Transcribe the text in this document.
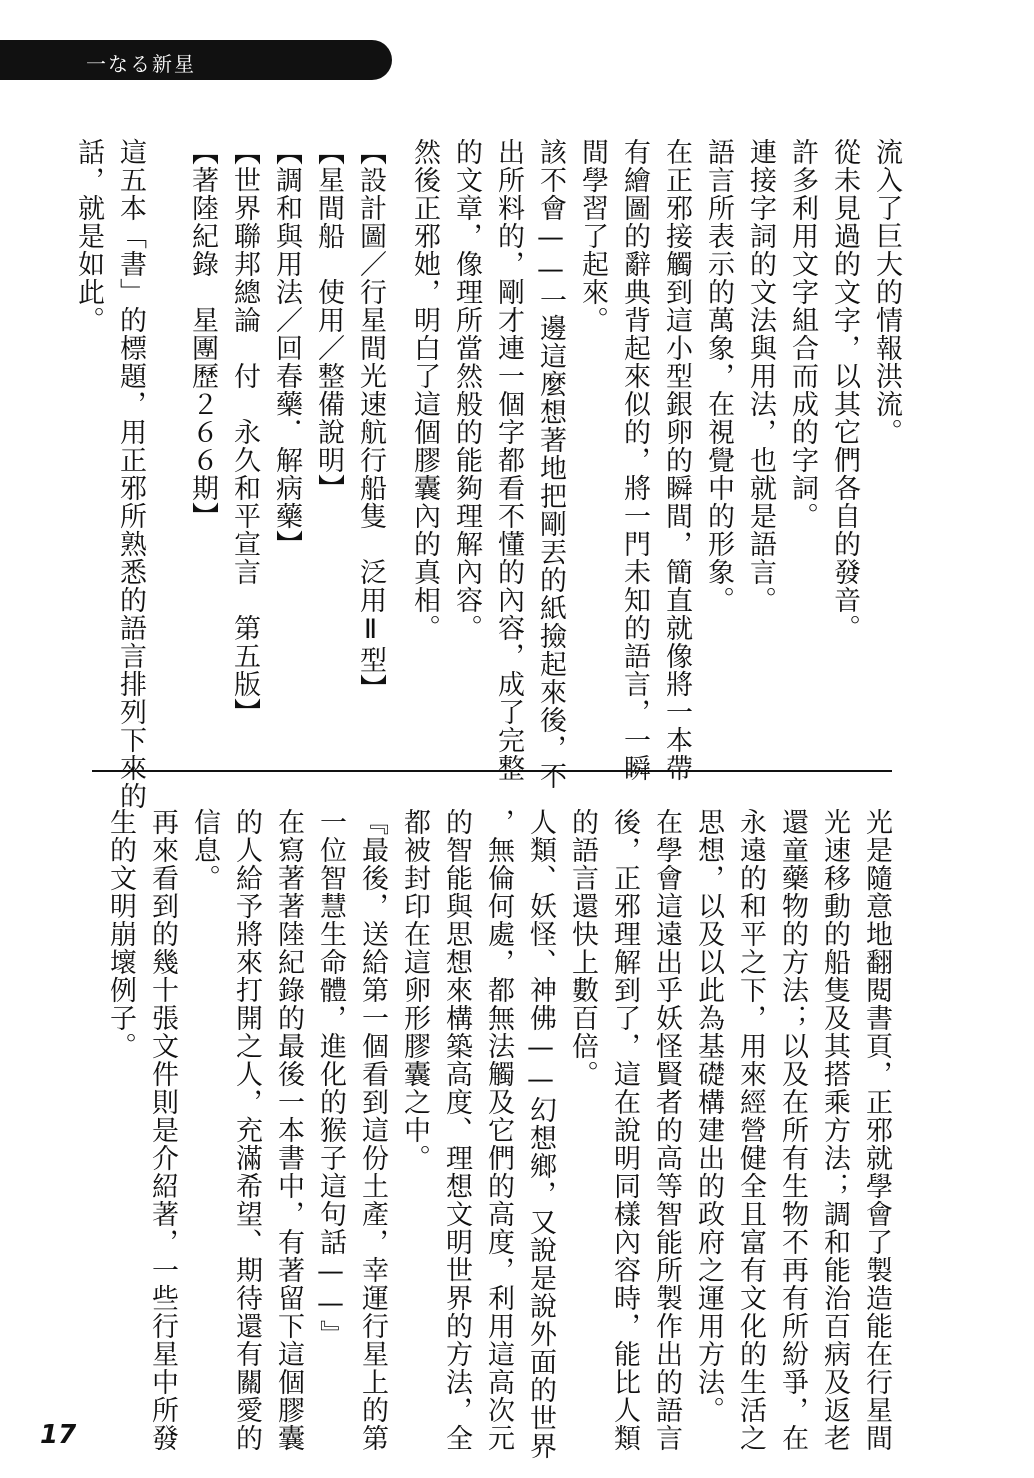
一なる新星
流入了巨大的情報洪流。
從未見過的文字，以其它們各自的發音。
許多利用文字組合而成的字詞。
連接字詞的文法與用法，也就是語言。
語言所表示的萬象，在視覺中的形象。
在正邪接觸到這小型銀卵的瞬間，簡直就像將一本帶
有繪圖的辭典背起來似的，將一門未知的語言，一瞬
間學習了起來。
該不會——一邊這麼想著地把剛丟的紙撿起來後，不
出所料的，剛才連一個字都看不懂的內容，成了完整
的文章，像理所當然般的能夠理解內容。
然後正邪她，明白了這個膠囊內的真相。
【設計圖／行星間光速航行船隻　泛用Ⅱ型】
【星間船　使用／整備說明】
【調和與用法／回春藥．解病藥】
【世界聯邦總論　付　永久和平宣言　第五版】
【著陸紀錄　星團歷２６６期】
這五本「書」的標題，用正邪所熟悉的語言排列下來的
話，就是如此。
光是隨意地翻閱書頁，正邪就學會了製造能在行星間
光速移動的船隻及其搭乘方法；調和能治百病及返老
還童藥物的方法；以及在所有生物不再有所紛爭，在
永遠的和平之下，用來經營健全且富有文化的生活之
思想，以及以此為基礎構建出的政府之運用方法。
在學會這遠出乎妖怪賢者的高等智能所製作出的語言
後，正邪理解到了，這在說明同樣內容時，能比人類
的語言還快上數百倍。
人類、妖怪、神佛——幻想鄉，又說是說外面的世界
，無倫何處，都無法觸及它們的高度，利用這高次元
的智能與思想來構築高度、理想文明世界的方法，全
都被封印在這卵形膠囊之中。
『最後，送給第一個看到這份土產，幸運行星上的第
一位智慧生命體，進化的猴子這句話——』
在寫著著陸紀錄的最後一本書中，有著留下這個膠囊
的人給予將來打開之人，充滿希望、期待還有關愛的
信息。
再來看到的幾十張文件則是介紹著，一些行星中所發
生的文明崩壞例子。
17
